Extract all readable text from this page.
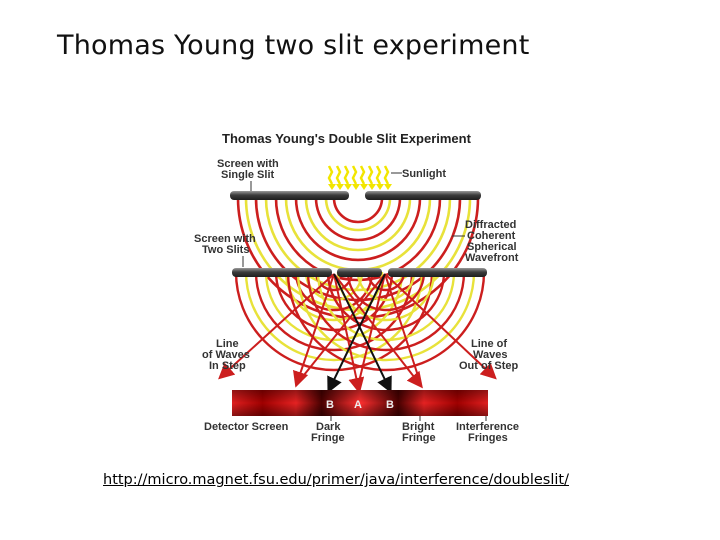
Thomas Young two slit experiment
Thomas Young's Double Slit Experiment
Screen with
Single Slit	Sunlight
Diffracted
Coherent
Spherical
Wavefront
Screen with
Two Slits
Line
of Waves
In Step
Line of
Waves
Out of Step
B A B
Detector Screen	Dark
Fringe
Bright
Fringe
Interference
Fringes
http://micro.magnet.fsu.edu/primer/java/interference/doubleslit/
